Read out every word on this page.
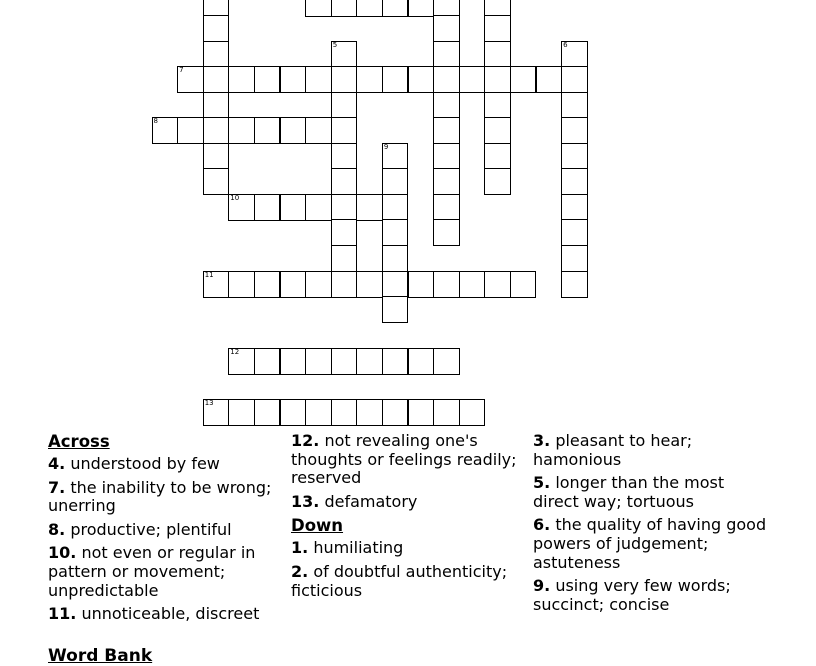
5	6
7
8
9
10
11
12
13
Across
4. understood by few
7. the inability to be wrong; unerring
8. productive; plentiful
10. not even or regular in pattern or movement; unpredictable
11. unnoticeable, discreet
12. not revealing one's thoughts or feelings readily; reserved
13. defamatory
Down
1. humiliating
2. of doubtful authenticity; ficticious
3. pleasant to hear; hamonious
5. longer than the most direct way; tortuous
6. the quality of having good powers of judgement; astuteness
9. using very few words; succinct; concise
Word Bank
